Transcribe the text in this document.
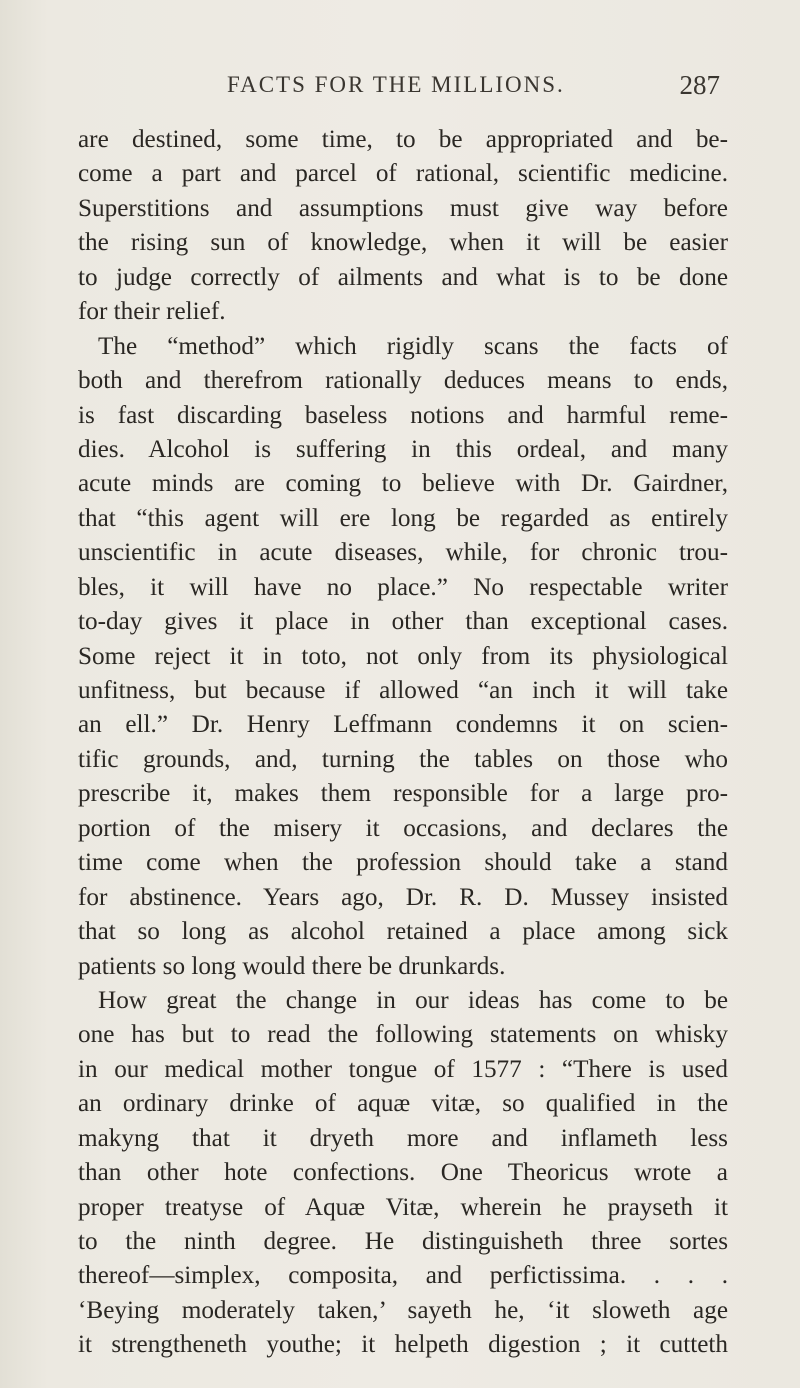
FACTS FOR THE MILLIONS.	287
are destined, some time, to be appropriated and be-
come a part and parcel of rational, scientific medicine.
Superstitions and assumptions must give way before
the rising sun of knowledge, when it will be easier
to judge correctly of ailments and what is to be done
for their relief.
The “method” which rigidly scans the facts of
both and therefrom rationally deduces means to ends,
is fast discarding baseless notions and harmful reme-
dies. Alcohol is suffering in this ordeal, and many
acute minds are coming to believe with Dr. Gairdner,
that “this agent will ere long be regarded as entirely
unscientific in acute diseases, while, for chronic trou-
bles, it will have no place.” No respectable writer
to-day gives it place in other than exceptional cases.
Some reject it in toto, not only from its physiological
unfitness, but because if allowed “an inch it will take
an ell.” Dr. Henry Leffmann condemns it on scien-
tific grounds, and, turning the tables on those who
prescribe it, makes them responsible for a large pro-
portion of the misery it occasions, and declares the
time come when the profession should take a stand
for abstinence. Years ago, Dr. R. D. Mussey insisted
that so long as alcohol retained a place among sick
patients so long would there be drunkards.
How great the change in our ideas has come to be
one has but to read the following statements on whisky
in our medical mother tongue of 1577 : “There is used
an ordinary drinke of aquæ vitæ, so qualified in the
makyng that it dryeth more and inflameth less
than other hote confections. One Theoricus wrote a
proper treatyse of Aquæ Vitæ, wherein he prayseth it
to the ninth degree. He distinguisheth three sortes
thereof—simplex, composita, and perfictissima. . . .
‘Beying moderately taken,’ sayeth he, ‘it sloweth age
it strengtheneth youthe; it helpeth digestion ; it cutteth
